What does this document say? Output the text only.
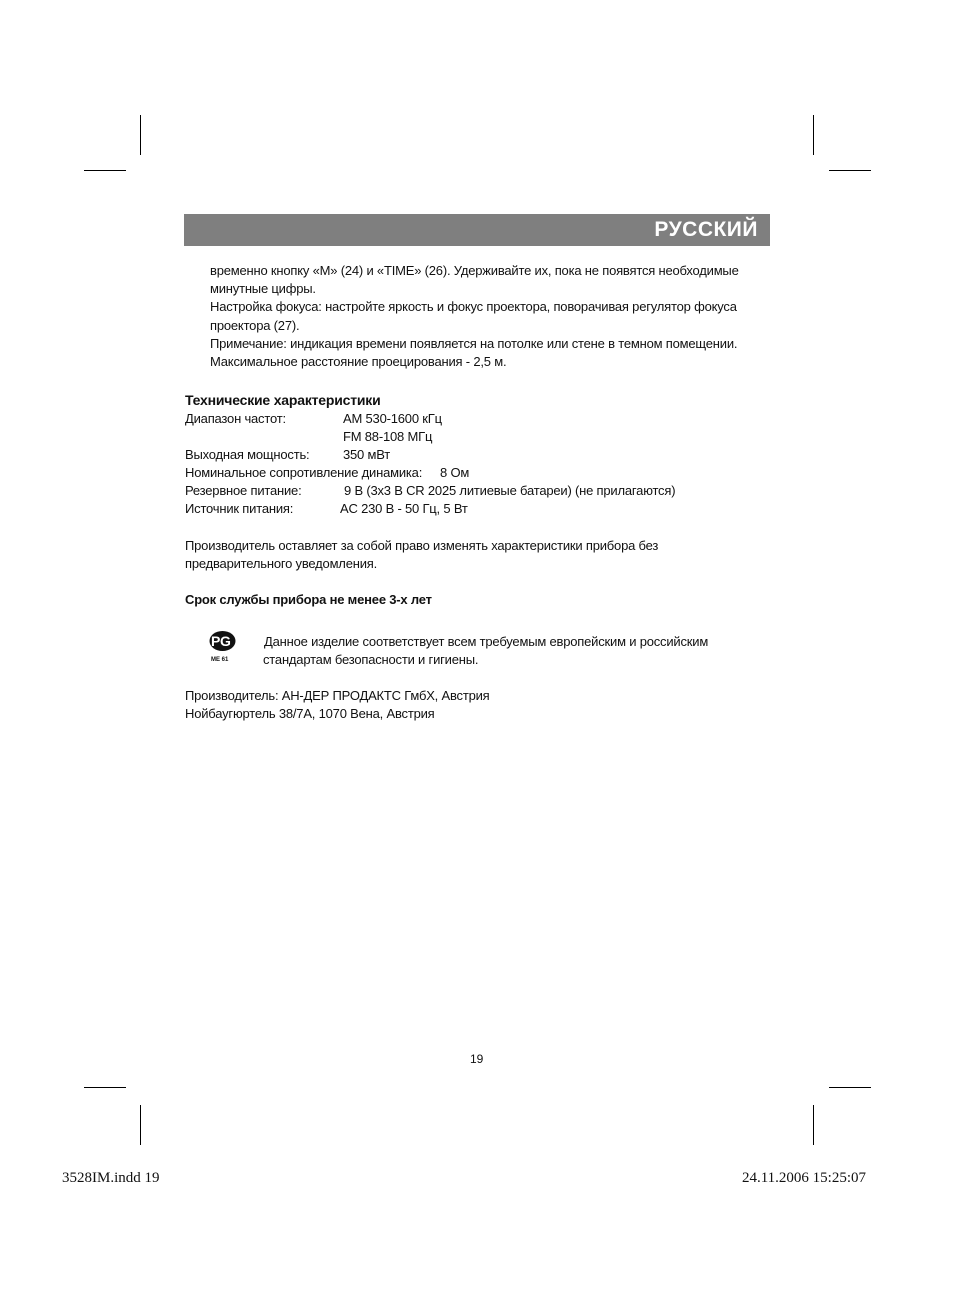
РУССКИЙ
временно кнопку «M» (24) и «TIME» (26). Удерживайте их, пока не появятся необходимые
минутные цифры.
Настройка фокуса: настройте яркость и фокус проектора, поворачивая регулятор фокуса
проектора (27).
Примечание: индикация времени появляется на потолке или стене в темном помещении.
Максимальное расстояние проецирования - 2,5 м.
Технические характеристики
Диапазон частот:	AM 530-1600 кГц
FM 88-108 МГц
Выходная мощность:	350 мВт
Номинальное сопротивление динамика: 8 Ом
Резервное питание:	9 В (3х3 В CR 2025 литиевые батареи) (не прилагаются)
Источник питания:	AC 230 В - 50 Гц, 5 Вт
Производитель оставляет за собой право изменять характеристики прибора без
предварительного уведомления.
Срок службы прибора не менее 3-х лет
P G
ME 61
Данное изделие соответствует всем требуемым европейским и российским
стандартам безопасности и гигиены.
Производитель: АН-ДЕР ПРОДАКТС ГмбХ, Австрия
Нойбаугюртель 38/7А, 1070 Вена, Австрия
19
3528IM.indd 19	24.11.2006 15:25:07
